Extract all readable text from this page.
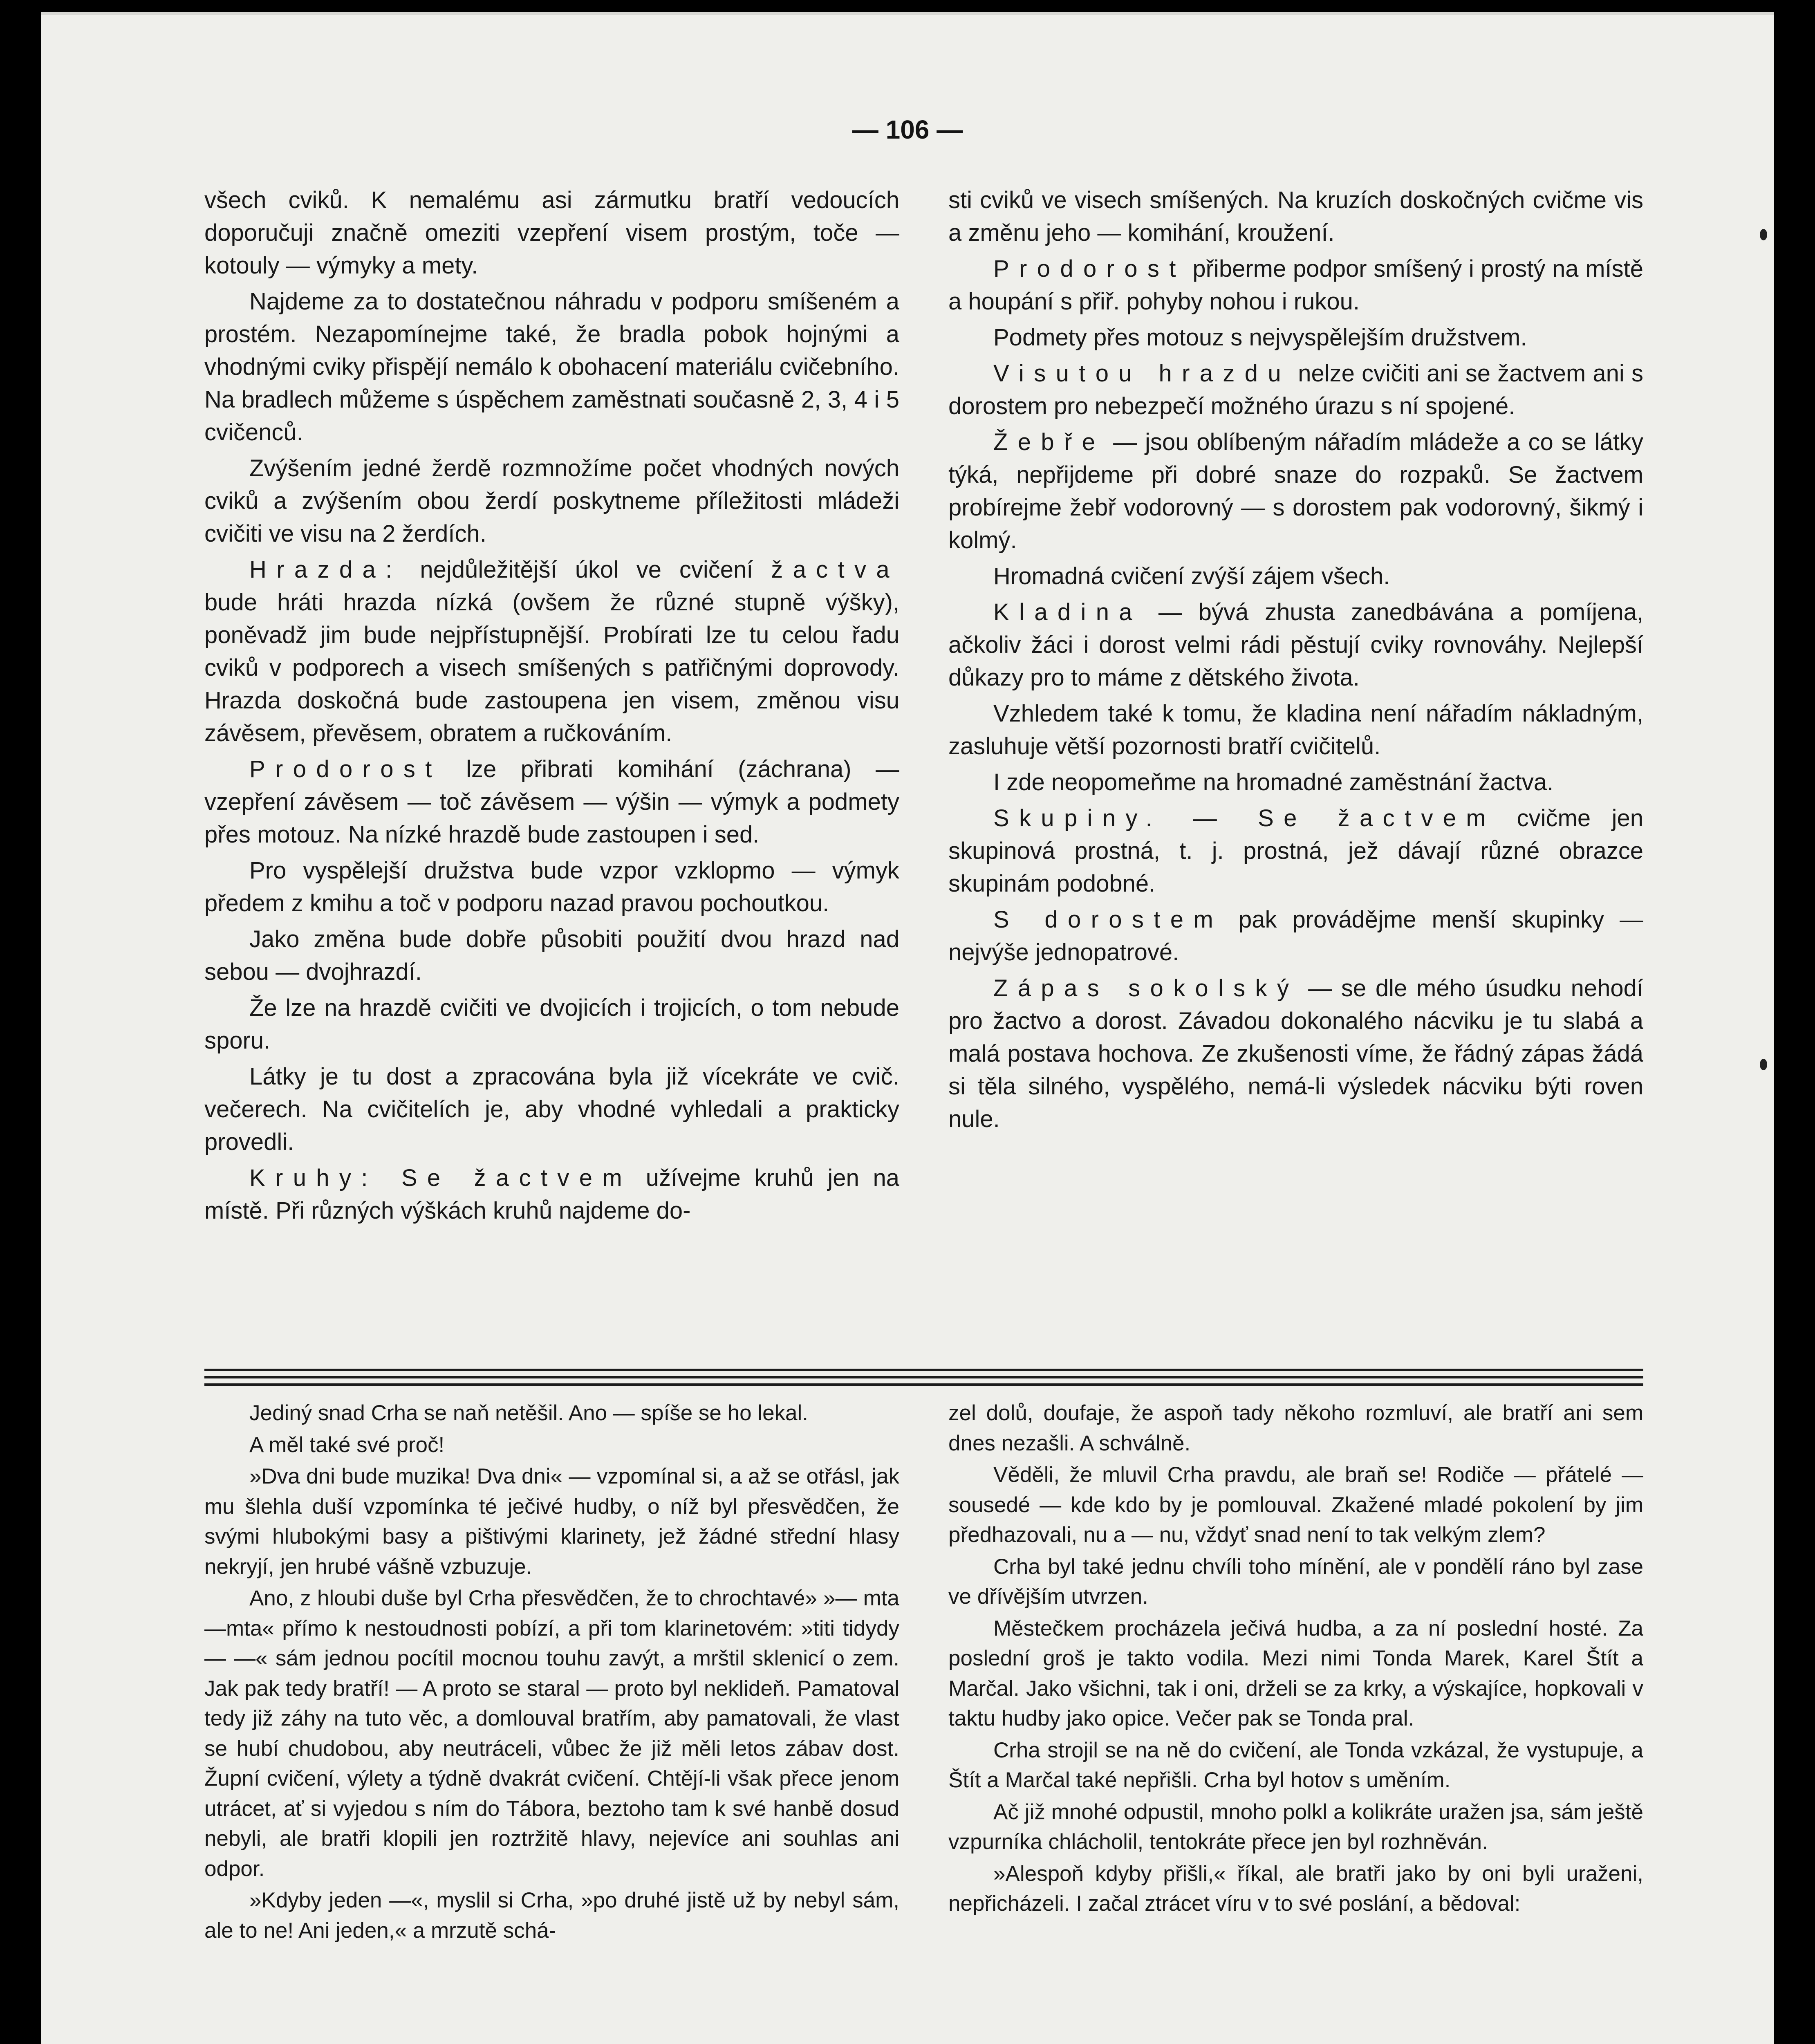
— 106 —

všech cviků. K nemalému asi zármutku bratří vedoucích doporučuji značně omeziti vzepření visem prostým, toče — kotouly — výmyky a mety.

Najdeme za to dostatečnou náhradu v podporu smíšeném a prostém. Nezapomínejme také, že bradla pobok hojnými a vhodnými cviky přispějí nemálo k obohacení materiálu cvičebního. Na bradlech můžeme s úspěchem zaměstnati současně 2, 3, 4 i 5 cvičenců.

Zvýšením jedné žerdě rozmnožíme počet vhodných nových cviků a zvýšením obou žerdí poskytneme příležitosti mládeži cvičiti ve visu na 2 žerdích.

Hrazda: nejdůležitější úkol ve cvičení žactva bude hráti hrazda nízká (ovšem že různé stupně výšky), poněvadž jim bude nejpřístupnější. Probírati lze tu celou řadu cviků v podporech a visech smíšených s patřičnými doprovody. Hrazda doskočná bude zastoupena jen visem, změnou visu závěsem, převěsem, obratem a ručkováním.

Prodorost lze přibrati komihání (záchrana) — vzepření závěsem — toč závěsem — výšin — výmyk a podmety přes motouz. Na nízké hrazdě bude zastoupen i sed.

Pro vyspělejší družstva bude vzpor vzklopmo — výmyk předem z kmihu a toč v podporu nazad pravou pochoutkou.

Jako změna bude dobře působiti použití dvou hrazd nad sebou — dvojhrazdí.

Že lze na hrazdě cvičiti ve dvojicích i trojicích, o tom nebude sporu.

Látky je tu dost a zpracována byla již vícekráte ve cvič. večerech. Na cvičitelích je, aby vhodné vyhledali a prakticky provedli.

Kruhy: Se žactvem užívejme kruhů jen na místě. Při různých výškách kruhů najdeme do-

sti cviků ve visech smíšených. Na kruzích doskočných cvičme vis a změnu jeho — komihání, kroužení.

Prodorost přiberme podpor smíšený i prostý na místě a houpání s přiř. pohyby nohou i rukou.

Podmety přes motouz s nejvyspělejším družstvem.

Visutou hrazdu nelze cvičiti ani se žactvem ani s dorostem pro nebezpečí možného úrazu s ní spojené.

Žebře — jsou oblíbeným nářadím mládeže a co se látky týká, nepřijdeme při dobré snaze do rozpaků. Se žactvem probírejme žebř vodorovný — s dorostem pak vodorovný, šikmý i kolmý.

Hromadná cvičení zvýší zájem všech.

Kladina — bývá zhusta zanedbávána a pomíjena, ačkoliv žáci i dorost velmi rádi pěstují cviky rovnováhy. Nejlepší důkazy pro to máme z dětského života.

Vzhledem také k tomu, že kladina není nářadím nákladným, zasluhuje větší pozornosti bratří cvičitelů.

I zde neopomeňme na hromadné zaměstnání žactva.

Skupiny. — Se žactvem cvičme jen skupinová prostná, t. j. prostná, jež dávají různé obrazce skupinám podobné.

S dorostem pak provádějme menší skupinky — nejvýše jednopatrové.

Zápas sokolský — se dle mého úsudku nehodí pro žactvo a dorost. Závadou dokonalého nácviku je tu slabá a malá postava hochova. Ze zkušenosti víme, že řádný zápas žádá si těla silného, vyspělého, nemá-li výsledek nácviku býti roven nule.

Jediný snad Crha se naň netěšil. Ano — spíše se ho lekal.

A měl také své proč!

»Dva dni bude muzika! Dva dni« — vzpomínal si, a až se otřásl, jak mu šlehla duší vzpomínka té ječivé hudby, o níž byl přesvědčen, že svými hlubokými basy a pištivými klarinety, jež žádné střední hlasy nekryjí, jen hrubé vášně vzbuzuje.

Ano, z hloubi duše byl Crha přesvědčen, že to chrochtavé» »— mta —mta« přímo k nestoudnosti pobízí, a při tom klarinetovém: »titi tidydy — —« sám jednou pocítil mocnou touhu zavýt, a mrštil sklenicí o zem. Jak pak tedy bratří! — A proto se staral — proto byl neklideň. Pamatoval tedy již záhy na tuto věc, a domlouval bratřím, aby pamatovali, že vlast se hubí chudobou, aby neutráceli, vůbec že již měli letos zábav dost. Župní cvičení, výlety a týdně dvakrát cvičení. Chtějí-li však přece jenom utrácet, ať si vyjedou s ním do Tábora, beztoho tam k své hanbě dosud nebyli, ale bratři klopili jen roztržitě hlavy, nejevíce ani souhlas ani odpor.

»Kdyby jeden —«, myslil si Crha, »po druhé jistě už by nebyl sám, ale to ne! Ani jeden,« a mrzutě schá-

zel dolů, doufaje, že aspoň tady někoho rozmluví, ale bratří ani sem dnes nezašli. A schválně.

Věděli, že mluvil Crha pravdu, ale braň se! Rodiče — přátelé — sousedé — kde kdo by je pomlouval. Zkažené mladé pokolení by jim předhazovali, nu a — nu, vždyť snad není to tak velkým zlem?

Crha byl také jednu chvíli toho mínění, ale v pondělí ráno byl zase ve dřívějším utvrzen.

Městečkem procházela ječivá hudba, a za ní poslední hosté. Za poslední groš je takto vodila. Mezi nimi Tonda Marek, Karel Štít a Marčal. Jako všichni, tak i oni, drželi se za krky, a výskajíce, hopkovali v taktu hudby jako opice. Večer pak se Tonda pral.

Crha strojil se na ně do cvičení, ale Tonda vzkázal, že vystupuje, a Štít a Marčal také nepřišli. Crha byl hotov s uměním.

Ač již mnohé odpustil, mnoho polkl a kolikráte uražen jsa, sám ještě vzpurníka chlácholil, tentokráte přece jen byl rozhněván.

»Alespoň kdyby přišli,« říkal, ale bratři jako by oni byli uraženi, nepřicházeli. I začal ztrácet víru v to své poslání, a bědoval:
